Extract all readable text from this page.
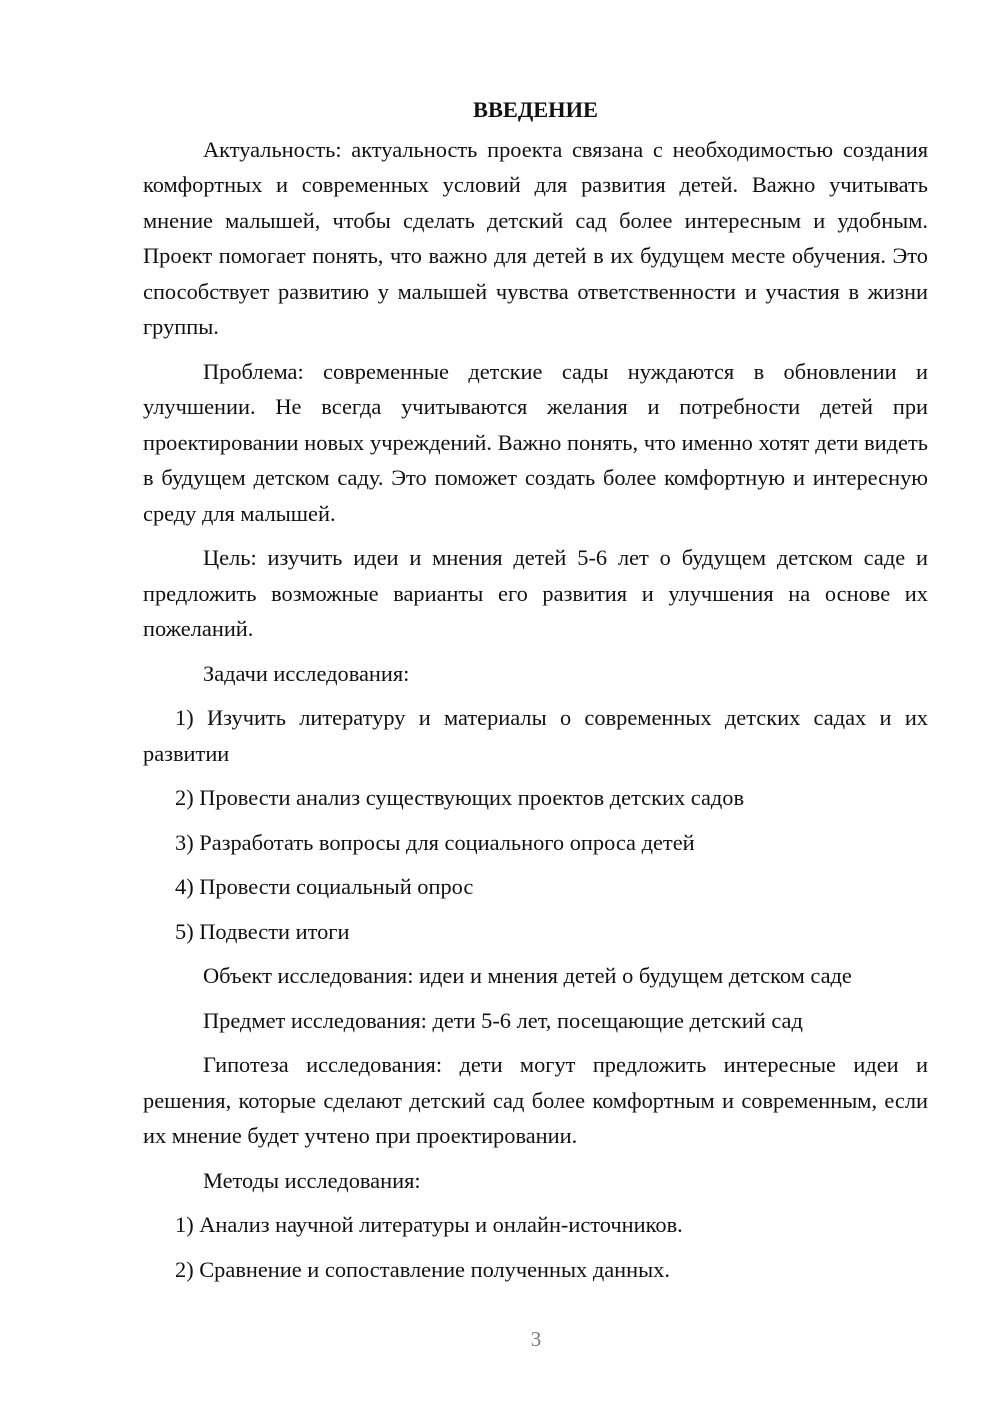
ВВЕДЕНИЕ

Актуальность: актуальность проекта связана с необходимостью создания комфортных и современных условий для развития детей. Важно учитывать мнение малышей, чтобы сделать детский сад более интересным и удобным. Проект помогает понять, что важно для детей в их будущем месте обучения. Это способствует развитию у малышей чувства ответственности и участия в жизни группы.

Проблема: современные детские сады нуждаются в обновлении и улучшении. Не всегда учитываются желания и потребности детей при проектировании новых учреждений. Важно понять, что именно хотят дети видеть в будущем детском саду. Это поможет создать более комфортную и интересную среду для малышей.

Цель: изучить идеи и мнения детей 5-6 лет о будущем детском саде и предложить возможные варианты его развития и улучшения на основе их пожеланий.

Задачи исследования:

1) Изучить литературу и материалы о современных детских садах и их развитии

2) Провести анализ существующих проектов детских садов

3) Разработать вопросы для социального опроса детей

4) Провести социальный опрос

5) Подвести итоги

Объект исследования: идеи и мнения детей о будущем детском саде

Предмет исследования: дети 5-6 лет, посещающие детский сад

Гипотеза исследования: дети могут предложить интересные идеи и решения, которые сделают детский сад более комфортным и современным, если их мнение будет учтено при проектировании.

Методы исследования:

1) Анализ научной литературы и онлайн-источников.

2) Сравнение и сопоставление полученных данных.

3
